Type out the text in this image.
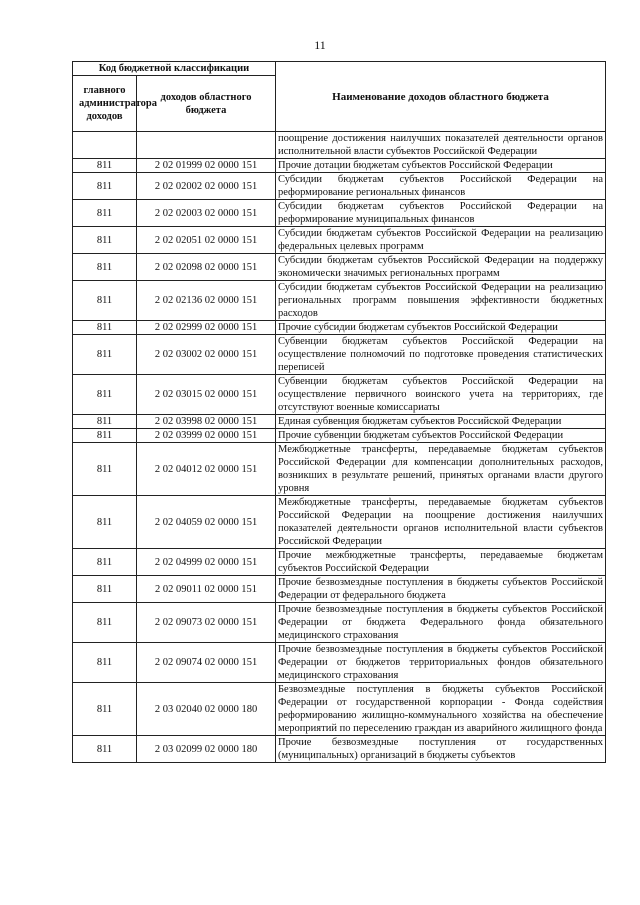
11
Код бюджетной классификации		Наименование доходов областного бюджета
главного администратора доходов	доходов областного бюджета	
		поощрение достижения наилучших показателей деятельности органов исполнительной власти субъектов Российской Федерации
811	2 02 01999 02 0000 151	Прочие дотации бюджетам субъектов Российской Федерации
811	2 02 02002 02 0000 151	Субсидии бюджетам субъектов Российской Федерации на реформирование региональных финансов
811	2 02 02003 02 0000 151	Субсидии бюджетам субъектов Российской Федерации на реформирование муниципальных финансов
811	2 02 02051 02 0000 151	Субсидии бюджетам субъектов Российской Федерации на реализацию федеральных целевых программ
811	2 02 02098 02 0000 151	Субсидии бюджетам субъектов Российской Федерации на поддержку экономически значимых региональных программ
811	2 02 02136 02 0000 151	Субсидии бюджетам субъектов Российской Федерации на реализацию региональных программ повышения эффективности бюджетных расходов
811	2 02 02999 02 0000 151	Прочие субсидии бюджетам субъектов Российской Федерации
811	2 02 03002 02 0000 151	Субвенции бюджетам субъектов Российской Федерации на осуществление полномочий по подготовке проведения статистических переписей
811	2 02 03015 02 0000 151	Субвенции бюджетам субъектов Российской Федерации на осуществление первичного воинского учета на территориях, где отсутствуют военные комиссариаты
811	2 02 03998 02 0000 151	Единая субвенция бюджетам субъектов Российской Федерации
811	2 02 03999 02 0000 151	Прочие субвенции бюджетам субъектов Российской Федерации
811	2 02 04012 02 0000 151	Межбюджетные трансферты, передаваемые бюджетам субъектов Российской Федерации для компенсации дополнительных расходов, возникших в результате решений, принятых органами власти другого уровня
811	2 02 04059 02 0000 151	Межбюджетные трансферты, передаваемые бюджетам субъектов Российской Федерации на поощрение достижения наилучших показателей деятельности органов исполнительной власти субъектов Российской Федерации
811	2 02 04999 02 0000 151	Прочие межбюджетные трансферты, передаваемые бюджетам субъектов Российской Федерации
811	2 02 09011 02 0000 151	Прочие безвозмездные поступления в бюджеты субъектов Российской Федерации от федерального бюджета
811	2 02 09073 02 0000 151	Прочие безвозмездные поступления в бюджеты субъектов Российской Федерации от бюджета Федерального фонда обязательного медицинского страхования
811	2 02 09074 02 0000 151	Прочие безвозмездные поступления в бюджеты субъектов Российской Федерации от бюджетов территориальных фондов обязательного медицинского страхования
811	2 03 02040 02 0000 180	Безвозмездные поступления в бюджеты субъектов Российской Федерации от государственной корпорации - Фонда содействия реформированию жилищно-коммунального хозяйства на обеспечение мероприятий по переселению граждан из аварийного жилищного фонда
811	2 03 02099 02 0000 180	Прочие безвозмездные поступления от государственных (муниципальных) организаций в бюджеты субъектов
